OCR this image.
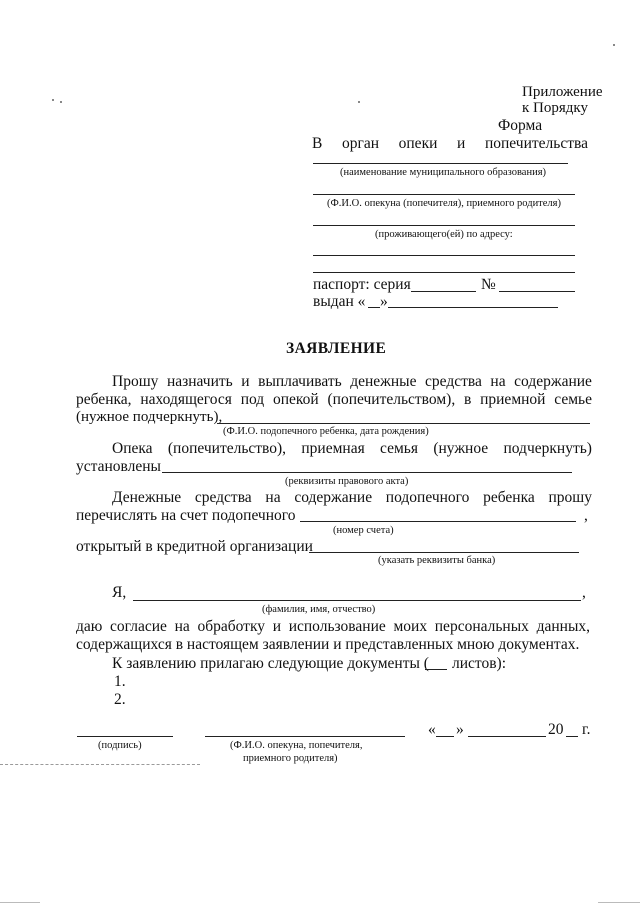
Приложение
к Порядку
Форма
В орган опеки и попечительства
(наименование муниципального образования)
(Ф.И.О. опекуна (попечителя), приемного родителя)
(проживающего(ей) по адресу:
паспорт: серия	№
выдан « »
ЗАЯВЛЕНИЕ
Прошу назначить и выплачивать денежные средства на содержание
ребенка, находящегося под опекой (попечительством), в приемной семье
(нужное подчеркнуть),
(Ф.И.О. подопечного ребенка, дата рождения)
Опека (попечительство), приемная семья (нужное подчеркнуть)
установлены
(реквизиты правового акта)
Денежные средства на содержание подопечного ребенка прошу
перечислять на счет подопечного	,
(номер счета)
открытый в кредитной организации
(указать реквизиты банка)
Я,	,
(фамилия, имя, отчество)
даю согласие на обработку и использование моих персональных данных,
содержащихся в настоящем заявлении и представленных мною документах.
К заявлению прилагаю следующие документы ( листов):
1.
2.
« »	20 г.
(подпись)	(Ф.И.О. опекуна, попечителя,
приемного родителя)
